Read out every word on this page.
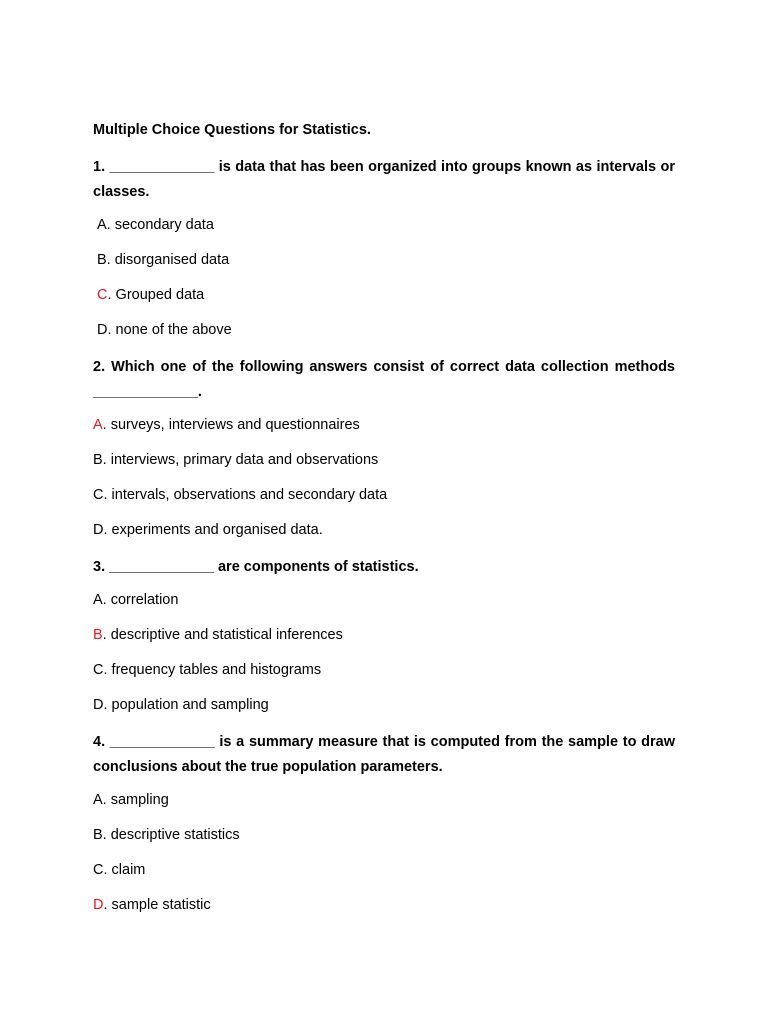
Multiple Choice Questions for Statistics.
1. _____________ is data that has been organized into groups known as intervals or classes.
A. secondary data
B. disorganised data
C. Grouped data
D. none of the above
2. Which one of the following answers consist of correct data collection methods _____________.
A. surveys, interviews and questionnaires
B. interviews, primary data and observations
C. intervals, observations and secondary data
D. experiments and organised data.
3. _____________ are components of statistics.
A. correlation
B. descriptive and statistical inferences
C. frequency tables and histograms
D. population and sampling
4. _____________ is a summary measure that is computed from the sample to draw conclusions about the true population parameters.
A. sampling
B. descriptive statistics
C. claim
D. sample statistic
